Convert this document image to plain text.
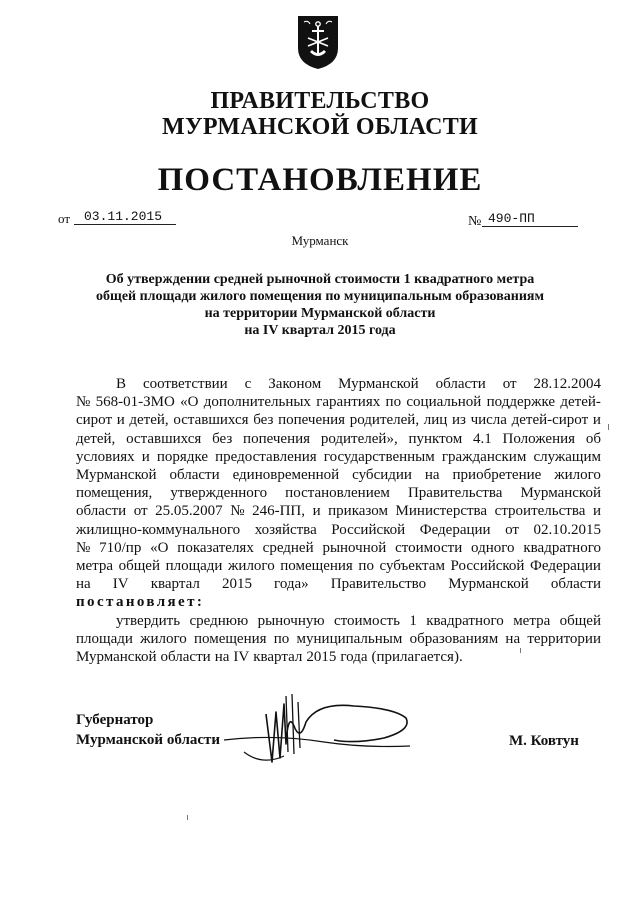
ПРАВИТЕЛЬСТВО
МУРМАНСКОЙ ОБЛАСТИ
ПОСТАНОВЛЕНИЕ
от	03.11.2015	№ 490-ПП
Мурманск
Об утверждении средней рыночной стоимости 1 квадратного метра
общей площади жилого помещения по муниципальным образованиям
на территории Мурманской области
на IV квартал 2015 года
В соответствии с Законом Мурманской области от 28.12.2004
№ 568-01-ЗМО «О дополнительных гарантиях по социальной поддержке детей-
сирот и детей, оставшихся без попечения родителей, лиц из числа детей-сирот и
детей, оставшихся без попечения родителей», пунктом 4.1 Положения об
условиях и порядке предоставления государственным гражданским служащим
Мурманской области единовременной субсидии на приобретение жилого
помещения, утвержденного постановлением Правительства Мурманской
области от 25.05.2007 № 246-ПП, и приказом Министерства строительства и
жилищно-коммунального хозяйства Российской Федерации от 02.10.2015
№ 710/пр «О показателях средней рыночной стоимости одного квадратного
метра общей площади жилого помещения по субъектам Российской Федерации
на IV квартал 2015 года» Правительство Мурманской области
постановляет:
утвердить среднюю рыночную стоимость 1 квадратного метра общей
площади жилого помещения по муниципальным образованиям на территории
Мурманской области на IV квартал 2015 года (прилагается).
Губернатор
Мурманской области	М. Ковтун
